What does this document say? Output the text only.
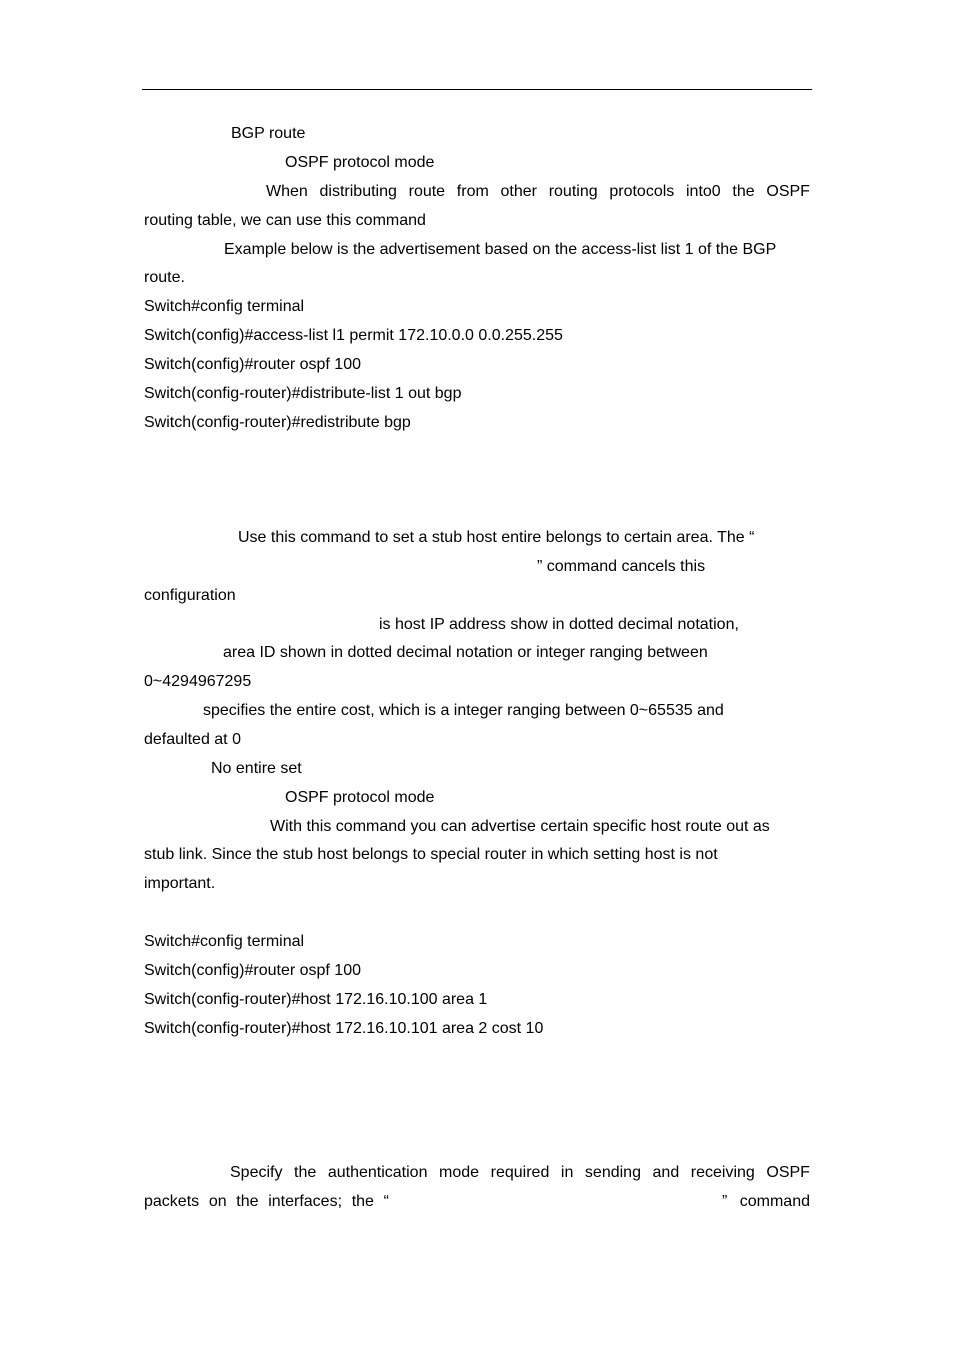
BGP route
OSPF protocol mode
When distributing route from other routing protocols into0 the OSPF
routing table, we can use this command
Example below is the advertisement based on the access-list list 1 of the BGP
route.
Switch#config terminal
Switch(config)#access-list l1 permit 172.10.0.0 0.0.255.255
Switch(config)#router ospf 100
Switch(config-router)#distribute-list 1 out bgp
Switch(config-router)#redistribute bgp
Use this command to set a stub host entire belongs to certain area. The “
” command cancels this
configuration
is host IP address show in dotted decimal notation,
area ID shown in dotted decimal notation or integer ranging between
0~4294967295
specifies the entire cost, which is a integer ranging between 0~65535 and
defaulted at 0
No entire set
OSPF protocol mode
With this command you can advertise certain specific host route out as
stub link. Since the stub host belongs to special router in which setting host is not
important.
Switch#config terminal
Switch(config)#router ospf 100
Switch(config-router)#host 172.16.10.100 area 1
Switch(config-router)#host 172.16.10.101 area 2 cost 10
Specify the authentication mode required in sending and receiving OSPF
packets on the interfaces; the “	” command
